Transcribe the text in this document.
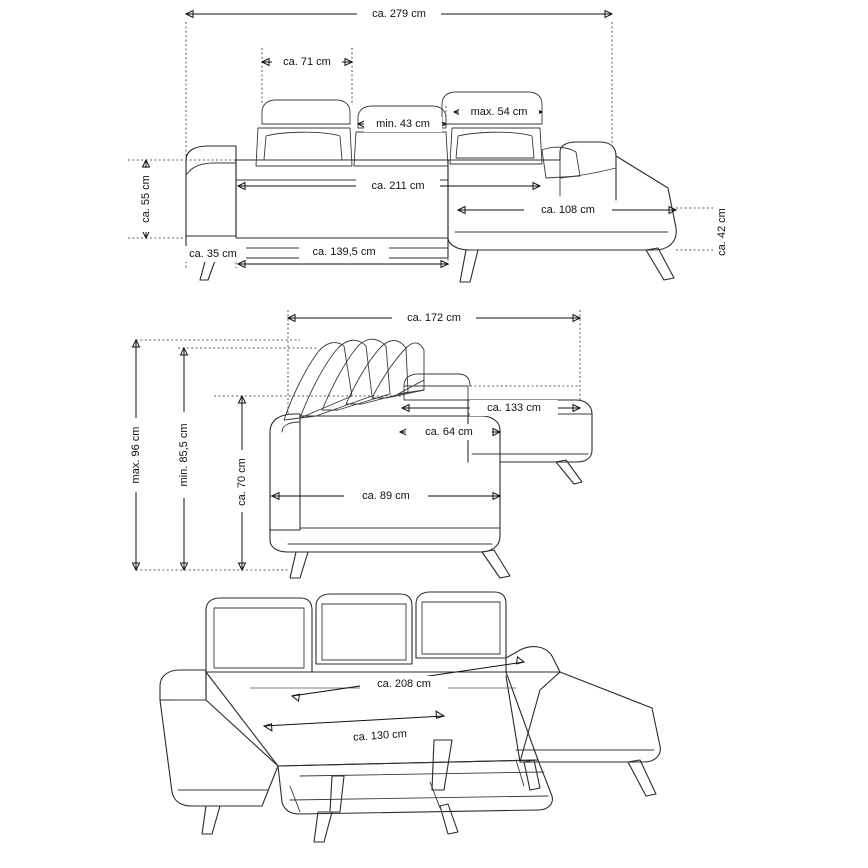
ca. 279 cm
ca. 71 cm
min. 43 cm
max. 54 cm
ca. 211 cm
ca. 108 cm
ca. 55 cm
ca. 35 cm	ca. 139,5 cm	ca. 42 cm
ca. 172 cm
ca. 133 cm
ca. 64 cm
ca. 89 cm
max. 96 cm	min. 85,5 cm	ca. 70 cm
ca. 208 cm
ca. 130 cm
